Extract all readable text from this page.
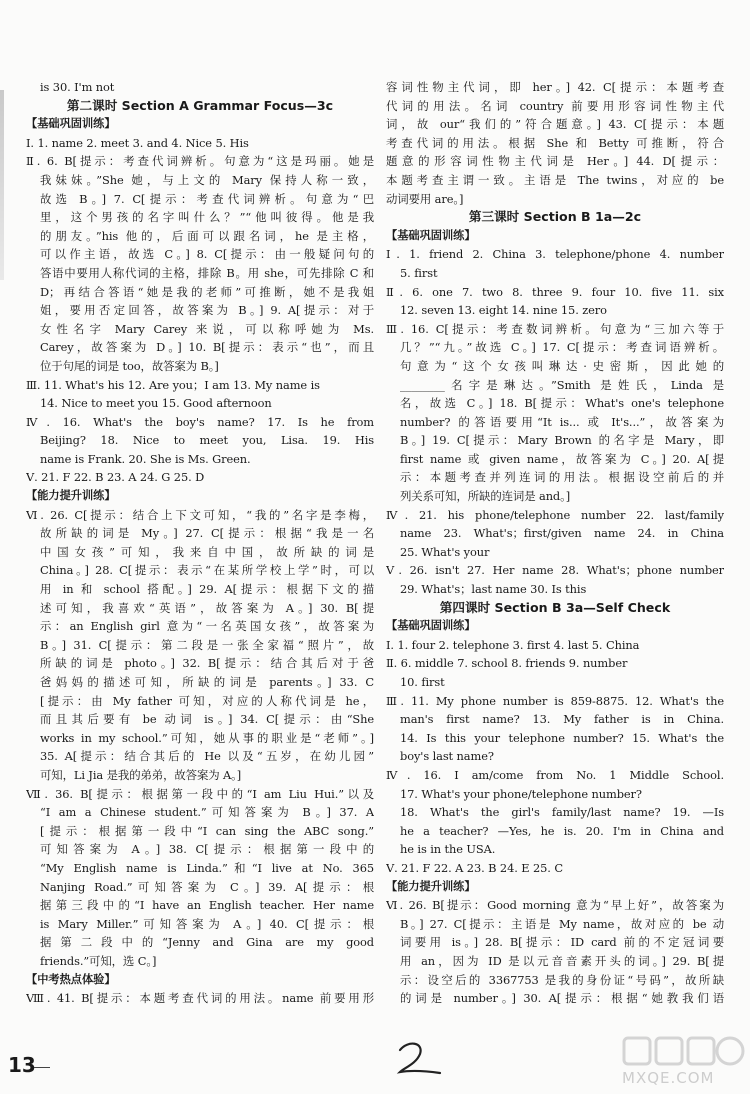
is 30. I'm not
第二课时 Section A Grammar Focus—3c
【基础巩固训练】
Ⅰ. 1. name 2. meet 3. and 4. Nice 5. His
Ⅱ. 6. B[提示：考查代词辨析。句意为“这是玛丽。她是
我妹妹。”She 她，与上文的 Mary 保持人称一致，
故选 B。] 7. C[提示：考查代词辨析。句意为“巴
里，这个男孩的名字叫什么？”“他叫彼得。他是我
的朋友。”his 他的，后面可以跟名词，he 是主格，
可以作主语，故选 C。] 8. C[提示：由一般疑问句的
答语中要用人称代词的主格，排除 B。用 she，可先排除 C 和
D；再结合答语“她是我的老师”可推断，她不是我姐
姐，要用否定回答，故答案为 B。] 9. A[提示：对于
女性名字 Mary Carey 来说，可以称呼她为 Ms.
Carey，故答案为 D。] 10. B[提示：表示“也”，而且
位于句尾的词是 too，故答案为 B。]
Ⅲ. 11. What's his 12. Are you；I am 13. My name is
14. Nice to meet you 15. Good afternoon
Ⅳ. 16. What's the boy's name? 17. Is he from
Beijing? 18. Nice to meet you, Lisa. 19. His
name is Frank. 20. She is Ms. Green.
Ⅴ. 21. F 22. B 23. A 24. G 25. D
【能力提升训练】
Ⅵ. 26. C[提示：结合上下文可知，“我的”名字是李梅，
故所缺的词是 My。] 27. C[提示：根据“我是一名
中国女孩”可知，我来自中国，故所缺的词是
China。] 28. C[提示：表示“在某所学校上学”时，可以
用 in 和 school 搭配。] 29. A[提示：根据下文的描
述可知，我喜欢“英语”，故答案为 A。] 30. B[提
示：an English girl 意为“一名英国女孩”，故答案为
B。] 31. C[提示：第二段是一张全家福“照片”，故
所缺的词是 photo。] 32. B[提示：结合其后对于爸
爸妈妈的描述可知，所缺的词是 parents。] 33. C
[提示：由 My father 可知，对应的人称代词是 he，
而且其后要有 be 动词 is。] 34. C[提示：由“She
works in my school.”可知，她从事的职业是“老师”。]
35. A[提示：结合其后的 He 以及“五岁，在幼儿园”
可知，Li Jia 是我的弟弟，故答案为 A。]
Ⅶ. 36. B[提示：根据第一段中的“I am Liu Hui.”以及
“I am a Chinese student.”可知答案为 B。] 37. A
[提示：根据第一段中“I can sing the ABC song.”
可知答案为 A。] 38. C[提示：根据第一段中的
“My English name is Linda.”和“I live at No. 365
Nanjing Road.”可知答案为 C。] 39. A[提示：根
据第三段中的“I have an English teacher. Her name
is Mary Miller.”可知答案为 A。] 40. C[提示：根
据第二段中的“Jenny and Gina are my good
friends.”可知，选 C。]
【中考热点体验】
Ⅷ. 41. B[提示：本题考查代词的用法。name 前要用形
容词性物主代词，即 her。] 42. C[提示：本题考查
代词的用法。名词 country 前要用形容词性物主代
词，故 our“我们的”符合题意。] 43. C[提示：本题
考查代词的用法。根据 She 和 Betty 可推断，符合
题意的形容词性物主代词是 Her。] 44. D[提示：
本题考查主谓一致。主语是 The twins，对应的 be
动词要用 are。]
第三课时 Section B 1a—2c
【基础巩固训练】
Ⅰ. 1. friend 2. China 3. telephone/phone 4. number
5. first
Ⅱ. 6. one 7. two 8. three 9. four 10. five 11. six
12. seven 13. eight 14. nine 15. zero
Ⅲ. 16. C[提示：考查数词辨析。句意为“三加六等于
几？”“九。”故选 C。] 17. C[提示：考查词语辨析。
句意为“这个女孩叫琳达·史密斯，因此她的
________名字是琳达。”Smith 是姓氏，Linda 是
名，故选 C。] 18. B[提示：What's one's telephone
number? 的答语要用“It is... 或 It's...”，故答案为
B。] 19. C[提示：Mary Brown 的名字是 Mary，即
first name 或 given name，故答案为 C。] 20. A[提
示：本题考查并列连词的用法。根据设空前后的并
列关系可知，所缺的连词是 and。]
Ⅳ. 21. his phone/telephone number 22. last/family
name 23. What's；first/given name 24. in China
25. What's your
Ⅴ. 26. isn't 27. Her name 28. What's；phone number
29. What's；last name 30. Is this
第四课时 Section B 3a—Self Check
【基础巩固训练】
Ⅰ. 1. four 2. telephone 3. first 4. last 5. China
Ⅱ. 6. middle 7. school 8. friends 9. number
10. first
Ⅲ. 11. My phone number is 859-8875. 12. What's the
man's first name? 13. My father is in China.
14. Is this your telephone number? 15. What's the
boy's last name?
Ⅳ. 16. I am/come from No. 1 Middle School.
17. What's your phone/telephone number?
18. What's the girl's family/last name? 19. —Is
he a teacher? —Yes, he is. 20. I'm in China and
he is in the USA.
Ⅴ. 21. F 22. A 23. B 24. E 25. C
【能力提升训练】
Ⅵ. 26. B[提示：Good morning 意为“早上好”，故答案为
B。] 27. C[提示：主语是 My name，故对应的 be 动
词要用 is。] 28. B[提示：ID card 前的不定冠词要
用 an，因为 ID 是以元音音素开头的词。] 29. B[提
示：设空后的 3367753 是我的身份证“号码”，故所缺
的词是 number。] 30. A[提示：根据“她教我们语
13
MXQE.COM
